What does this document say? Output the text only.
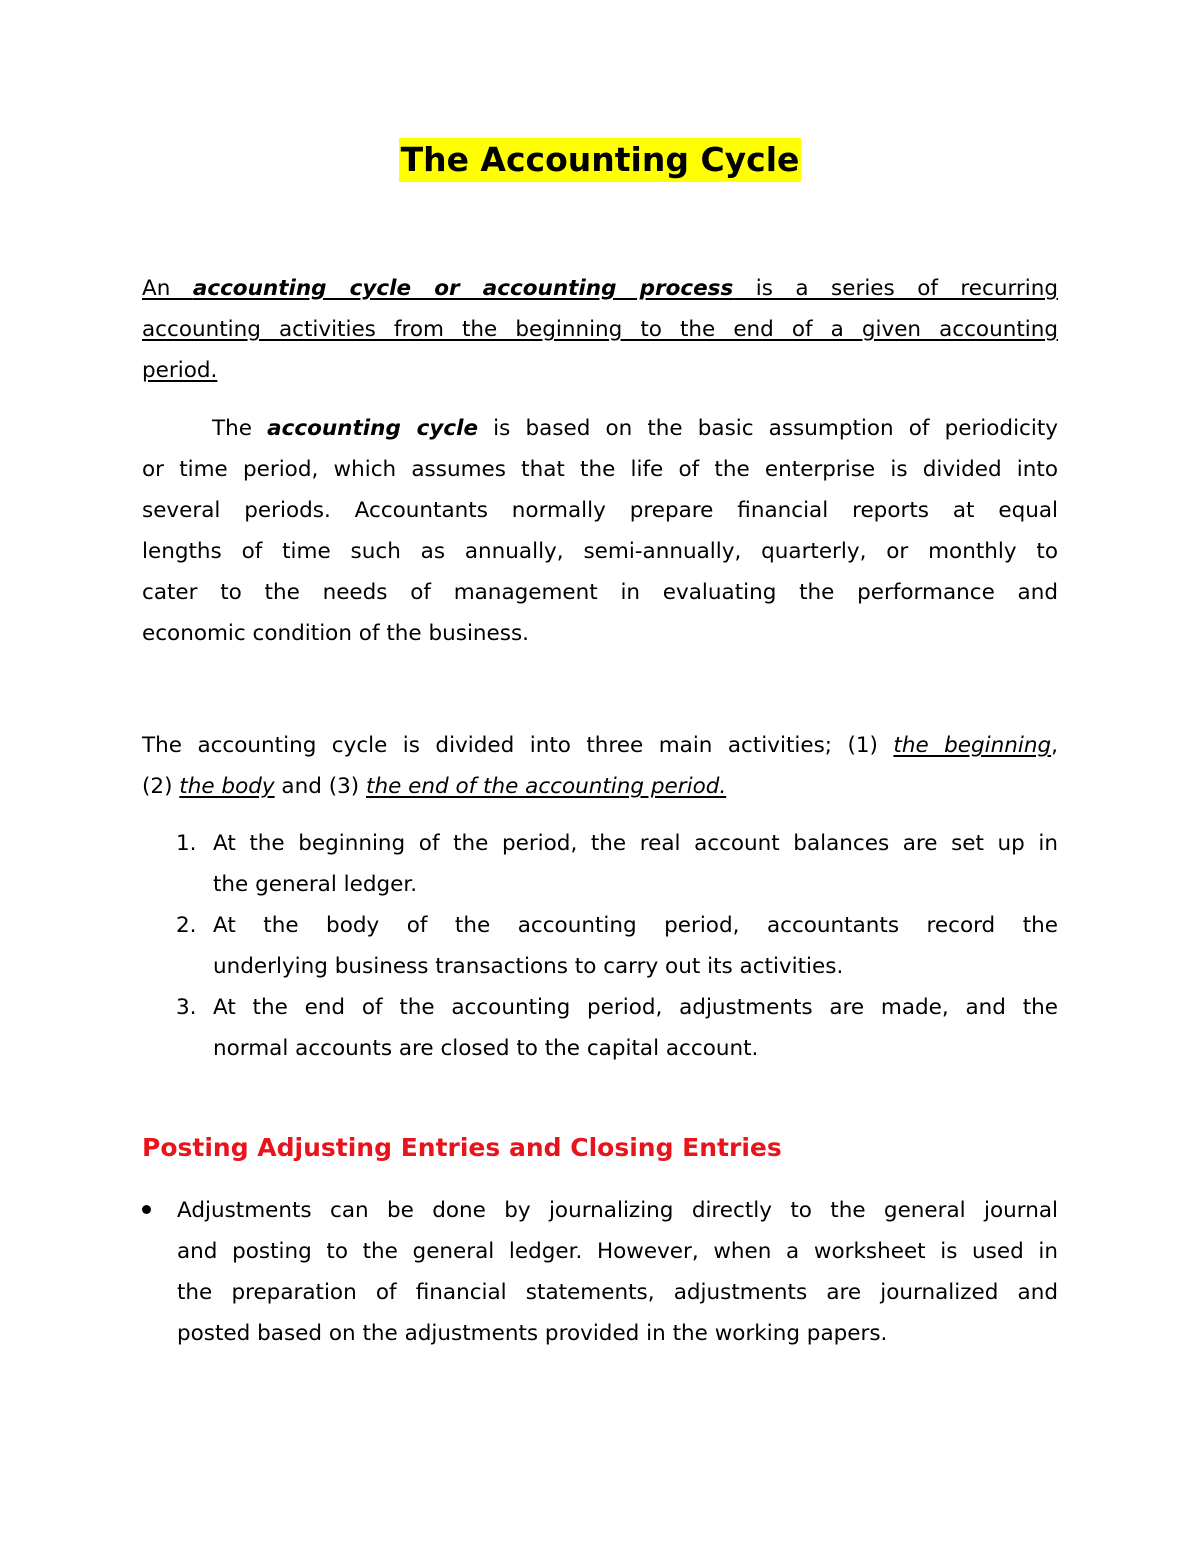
The Accounting Cycle
An accounting cycle or accounting process is a series of recurring
accounting activities from the beginning to the end of a given accounting
period.
The accounting cycle is based on the basic assumption of periodicity
or time period, which assumes that the life of the enterprise is divided into
several periods. Accountants normally prepare financial reports at equal
lengths of time such as annually, semi-annually, quarterly, or monthly to
cater to the needs of management in evaluating the performance and
economic condition of the business.
The accounting cycle is divided into three main activities; (1) the beginning,
(2) the body and (3) the end of the accounting period.
1. At the beginning of the period, the real account balances are set up in
the general ledger.
2. At the body of the accounting period, accountants record the
underlying business transactions to carry out its activities.
3. At the end of the accounting period, adjustments are made, and the
normal accounts are closed to the capital account.
Posting Adjusting Entries and Closing Entries
Adjustments can be done by journalizing directly to the general journal
and posting to the general ledger. However, when a worksheet is used in
the preparation of financial statements, adjustments are journalized and
posted based on the adjustments provided in the working papers.
